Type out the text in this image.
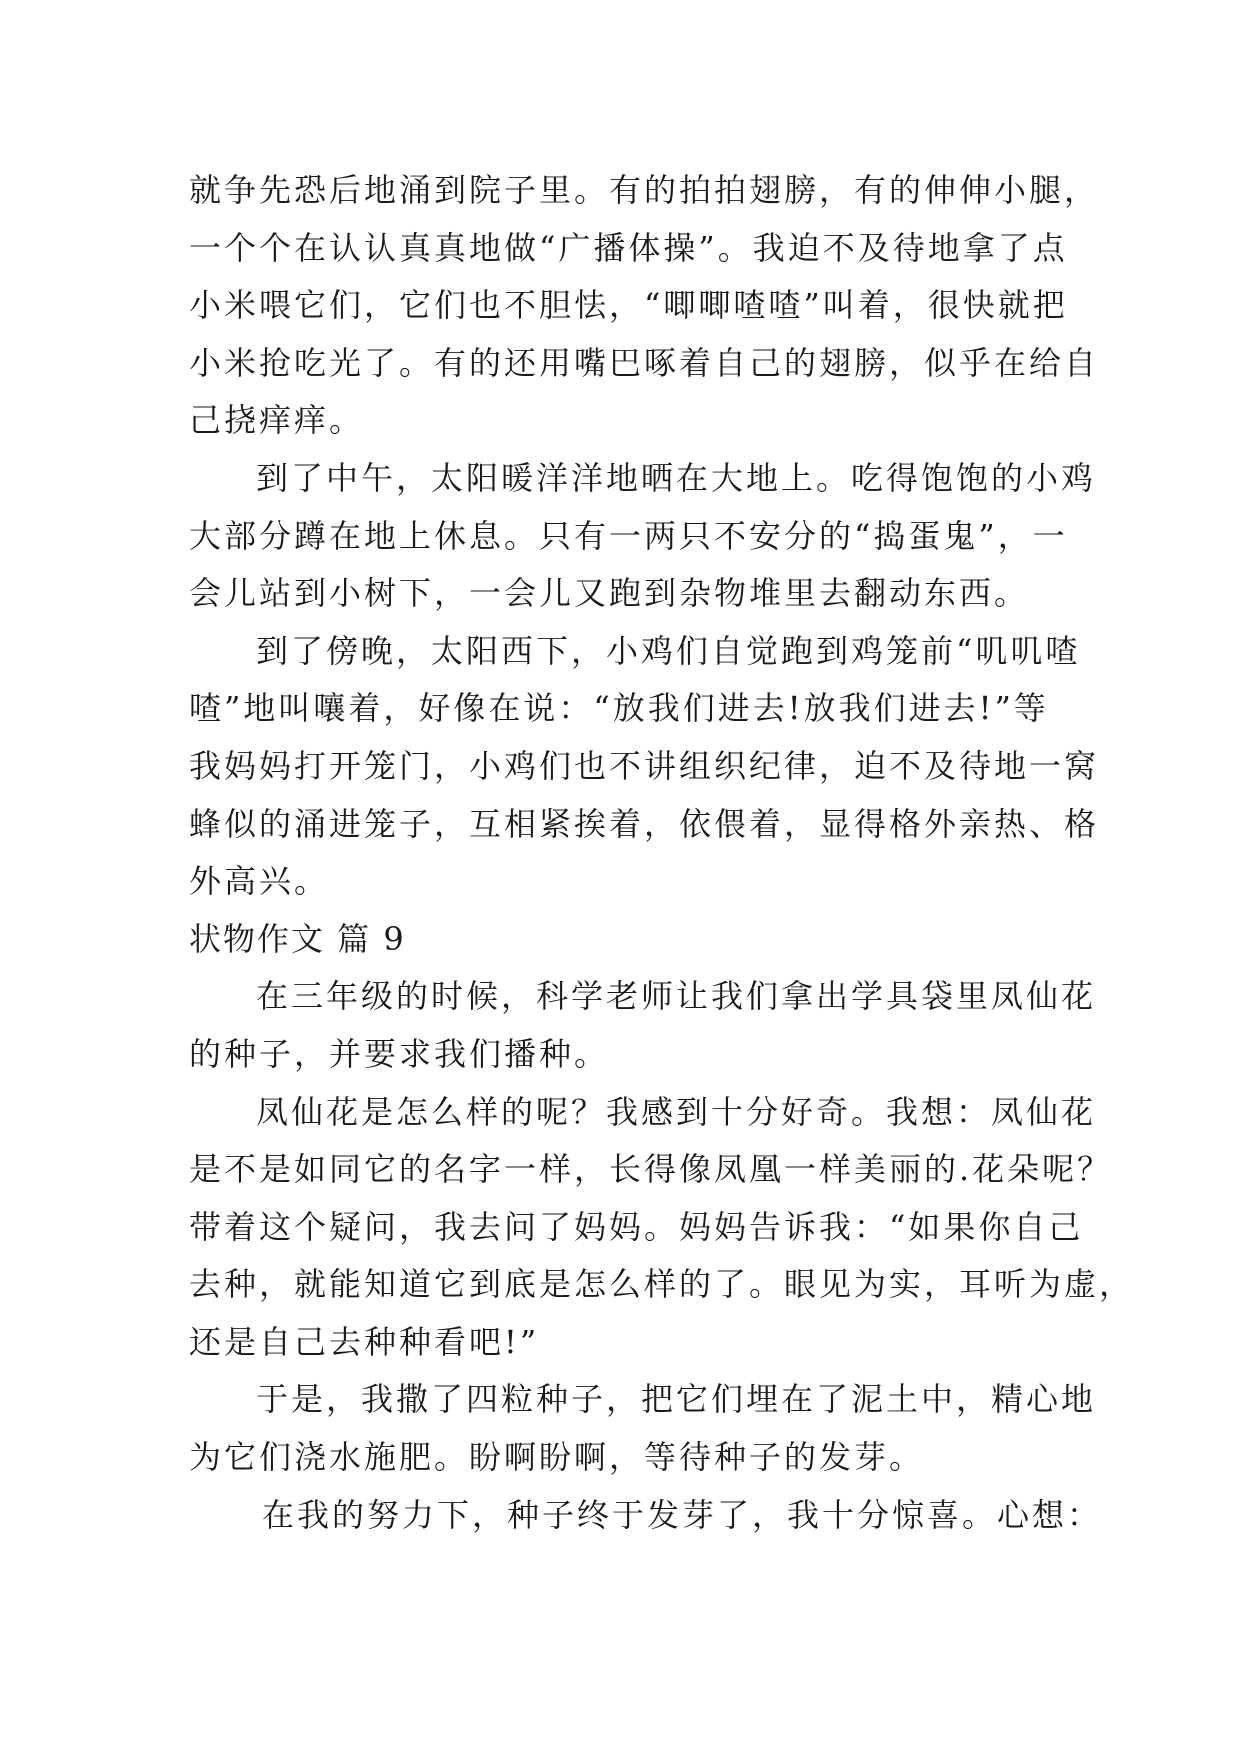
就争先恐后地涌到院子里。有的拍拍翅膀，有的伸伸小腿，
一个个在认认真真地做“广播体操”。我迫不及待地拿了点
小米喂它们，它们也不胆怯，“唧唧喳喳”叫着，很快就把
小米抢吃光了。有的还用嘴巴啄着自己的翅膀，似乎在给自
己挠痒痒。
到了中午，太阳暖洋洋地晒在大地上。吃得饱饱的小鸡
大部分蹲在地上休息。只有一两只不安分的“捣蛋鬼”，一
会儿站到小树下，一会儿又跑到杂物堆里去翻动东西。
到了傍晚，太阳西下，小鸡们自觉跑到鸡笼前“叽叽喳
喳”地叫嚷着，好像在说：“放我们进去!放我们进去!”等
我妈妈打开笼门，小鸡们也不讲组织纪律，迫不及待地一窝
蜂似的涌进笼子，互相紧挨着，依偎着，显得格外亲热、格
外高兴。
状物作文 篇 9
在三年级的时候，科学老师让我们拿出学具袋里凤仙花
的种子，并要求我们播种。
凤仙花是怎么样的呢？我感到十分好奇。我想：凤仙花
是不是如同它的名字一样，长得像凤凰一样美丽的.花朵呢？
带着这个疑问，我去问了妈妈。妈妈告诉我：“如果你自己
去种，就能知道它到底是怎么样的了。眼见为实，耳听为虚，
还是自己去种种看吧!”
于是，我撒了四粒种子，把它们埋在了泥土中，精心地
为它们浇水施肥。盼啊盼啊，等待种子的发芽。
在我的努力下，种子终于发芽了，我十分惊喜。心想：
